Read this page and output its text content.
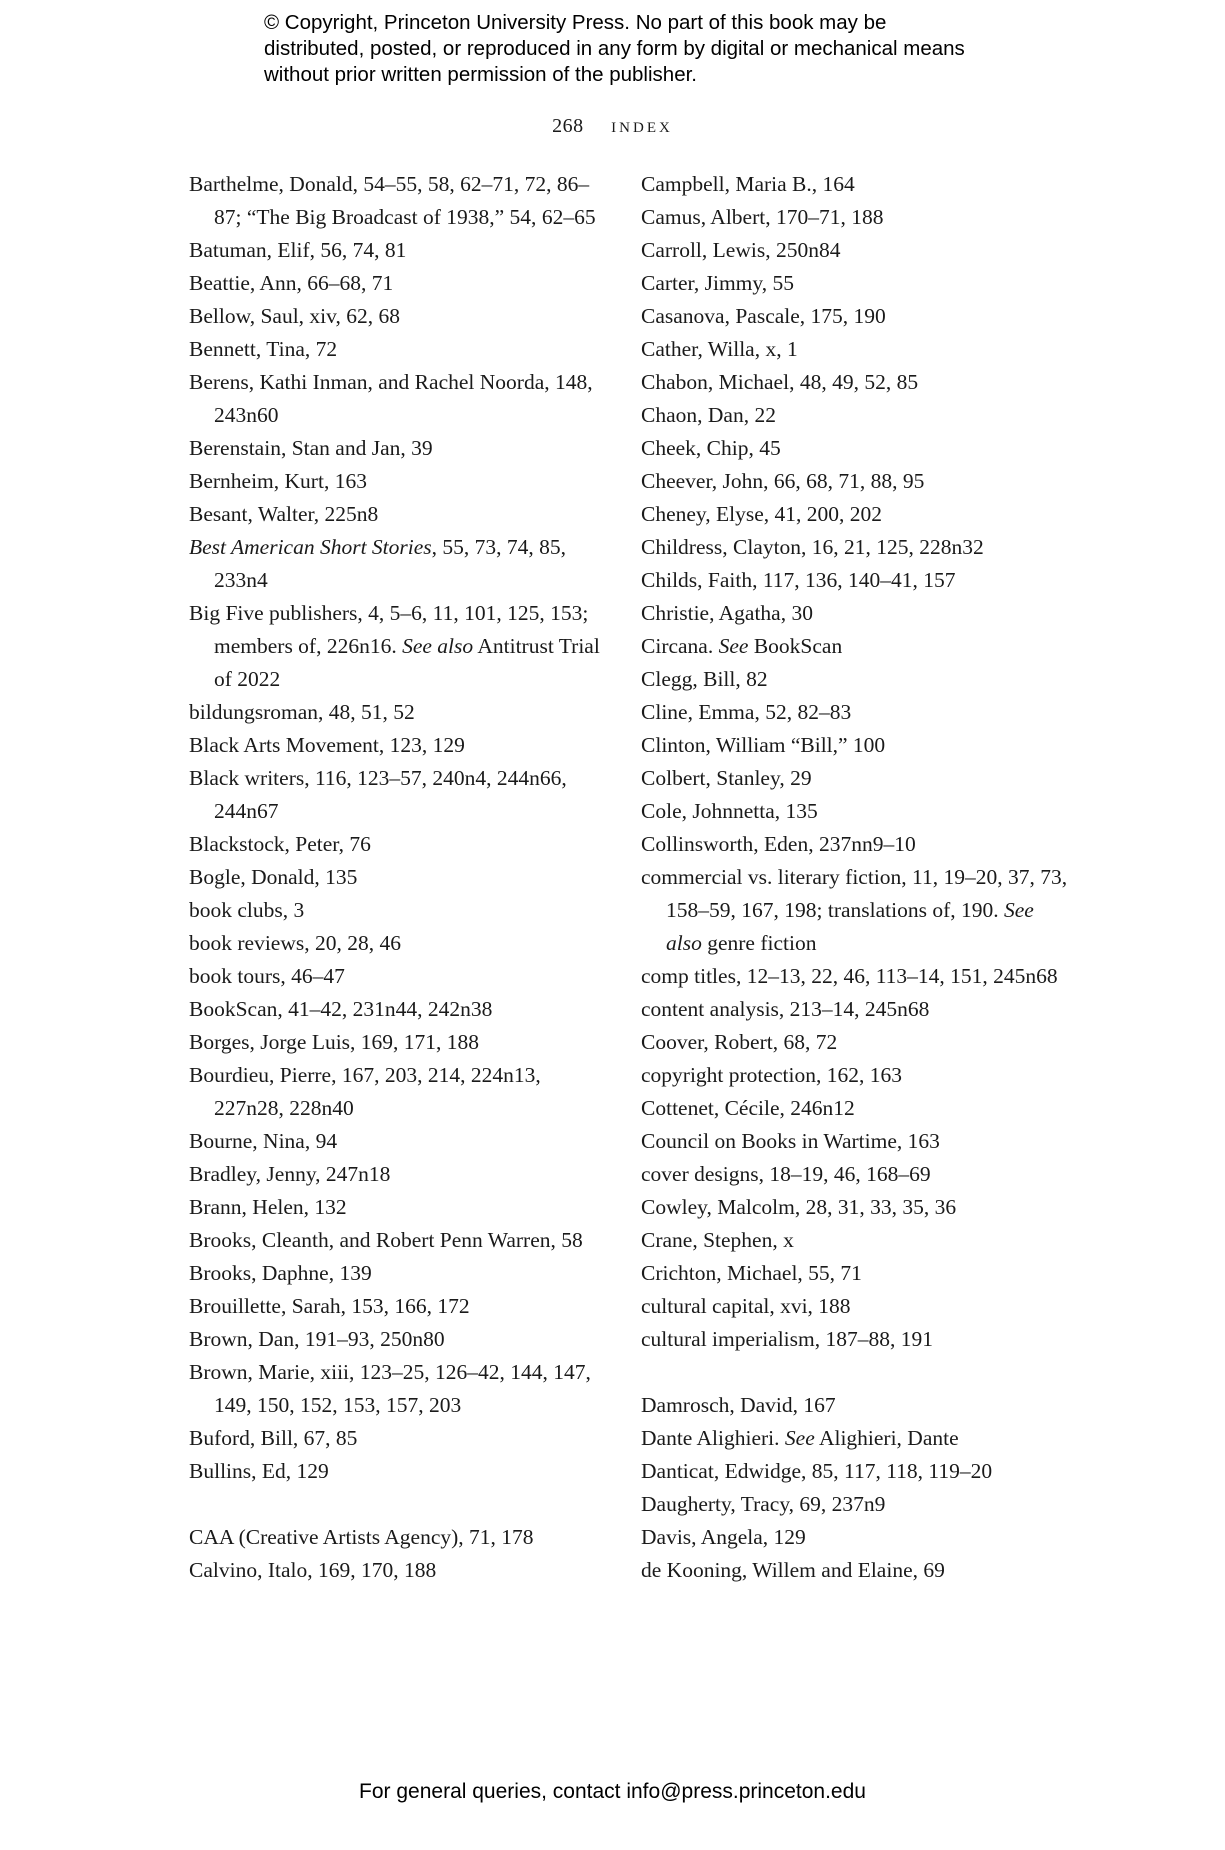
© Copyright, Princeton University Press. No part of this book may be distributed, posted, or reproduced in any form by digital or mechanical means without prior written permission of the publisher.
268 index

Barthelme, Donald, 54–55, 58, 62–71, 72, 86–87; “The Big Broadcast of 1938,” 54, 62–65

Batuman, Elif, 56, 74, 81

Beattie, Ann, 66–68, 71

Bellow, Saul, xiv, 62, 68

Bennett, Tina, 72

Berens, Kathi Inman, and Rachel Noorda, 148, 243n60

Berenstain, Stan and Jan, 39

Bernheim, Kurt, 163

Besant, Walter, 225n8

Best American Short Stories, 55, 73, 74, 85, 233n4

Big Five publishers, 4, 5–6, 11, 101, 125, 153; members of, 226n16. See also Antitrust Trial of 2022

bildungsroman, 48, 51, 52

Black Arts Movement, 123, 129

Black writers, 116, 123–57, 240n4, 244n66, 244n67

Blackstock, Peter, 76

Bogle, Donald, 135

book clubs, 3

book reviews, 20, 28, 46

book tours, 46–47

BookScan, 41–42, 231n44, 242n38

Borges, Jorge Luis, 169, 171, 188

Bourdieu, Pierre, 167, 203, 214, 224n13, 227n28, 228n40

Bourne, Nina, 94

Bradley, Jenny, 247n18

Brann, Helen, 132

Brooks, Cleanth, and Robert Penn Warren, 58

Brooks, Daphne, 139

Brouillette, Sarah, 153, 166, 172

Brown, Dan, 191–93, 250n80

Brown, Marie, xiii, 123–25, 126–42, 144, 147, 149, 150, 152, 153, 157, 203

Buford, Bill, 67, 85

Bullins, Ed, 129

CAA (Creative Artists Agency), 71, 178

Calvino, Italo, 169, 170, 188

Campbell, Maria B., 164

Camus, Albert, 170–71, 188

Carroll, Lewis, 250n84

Carter, Jimmy, 55

Casanova, Pascale, 175, 190

Cather, Willa, x, 1

Chabon, Michael, 48, 49, 52, 85

Chaon, Dan, 22

Cheek, Chip, 45

Cheever, John, 66, 68, 71, 88, 95

Cheney, Elyse, 41, 200, 202

Childress, Clayton, 16, 21, 125, 228n32

Childs, Faith, 117, 136, 140–41, 157

Christie, Agatha, 30

Circana. See BookScan

Clegg, Bill, 82

Cline, Emma, 52, 82–83

Clinton, William “Bill,” 100

Colbert, Stanley, 29

Cole, Johnnetta, 135

Collinsworth, Eden, 237nn9–10

commercial vs. literary fiction, 11, 19–20, 37, 73, 158–59, 167, 198; translations of, 190. See also genre fiction

comp titles, 12–13, 22, 46, 113–14, 151, 245n68

content analysis, 213–14, 245n68

Coover, Robert, 68, 72

copyright protection, 162, 163

Cottenet, Cécile, 246n12

Council on Books in Wartime, 163

cover designs, 18–19, 46, 168–69

Cowley, Malcolm, 28, 31, 33, 35, 36

Crane, Stephen, x

Crichton, Michael, 55, 71

cultural capital, xvi, 188

cultural imperialism, 187–88, 191

Damrosch, David, 167

Dante Alighieri. See Alighieri, Dante

Danticat, Edwidge, 85, 117, 118, 119–20

Daugherty, Tracy, 69, 237n9

Davis, Angela, 129

de Kooning, Willem and Elaine, 69

For general queries, contact info@press.princeton.edu
